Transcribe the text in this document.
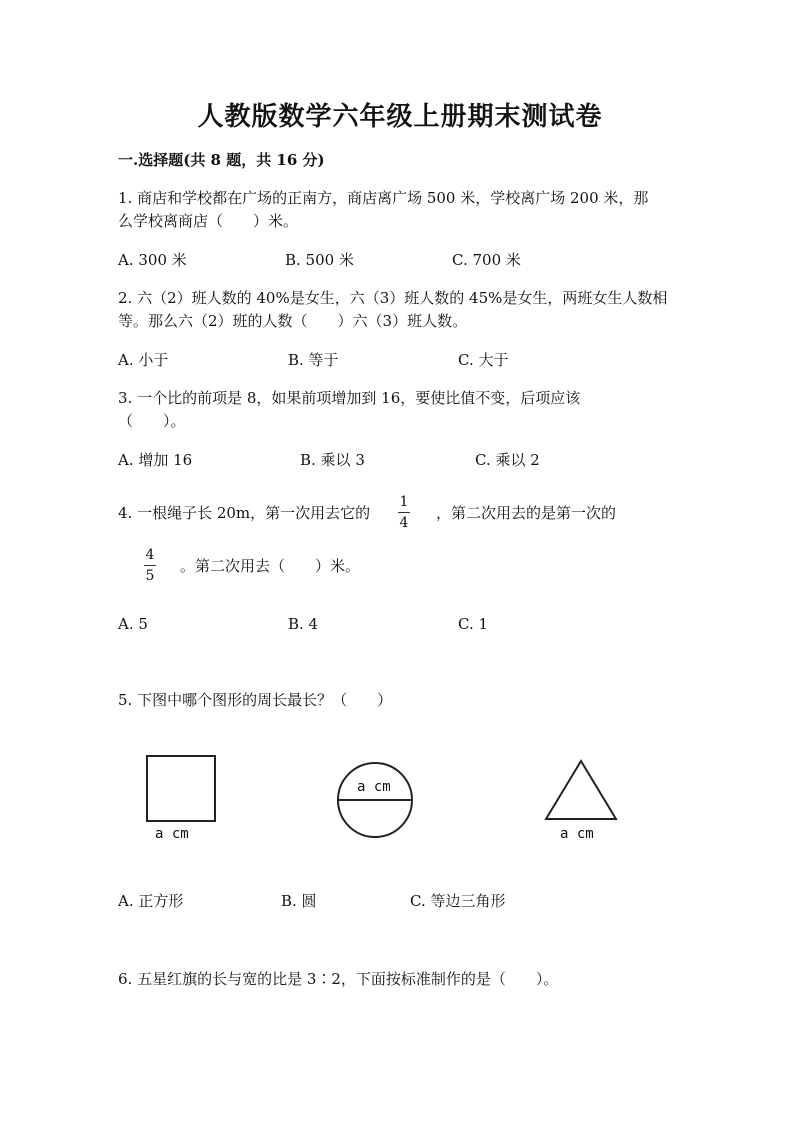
人教版数学六年级上册期末测试卷
一.选择题(共 8 题，共 16 分)
1. 商店和学校都在广场的正南方，商店离广场 500 米，学校离广场 200 米，那
么学校离商店（　　）米。
A. 300 米	B. 500 米	C. 700 米
2. 六（2）班人数的 40%是女生，六（3）班人数的 45%是女生，两班女生人数相
等。那么六（2）班的人数（　　）六（3）班人数。
A. 小于	B. 等于	C. 大于
3. 一个比的前项是 8，如果前项增加到 16，要使比值不变，后项应该
（　　）。
A. 增加 16	B. 乘以 3	C. 乘以 2
4. 一根绳子长 20m，第一次用去它的
1
4
，第二次用去的是第一次的
4
5
。第二次用去（　　）米。
A. 5	B. 4	C. 1
5. 下图中哪个图形的周长最长？（　　）
a cm
a cm
a cm
A. 正方形	B. 圆	C. 等边三角形
6. 五星红旗的长与宽的比是 3∶2，下面按标准制作的是（　　）。
